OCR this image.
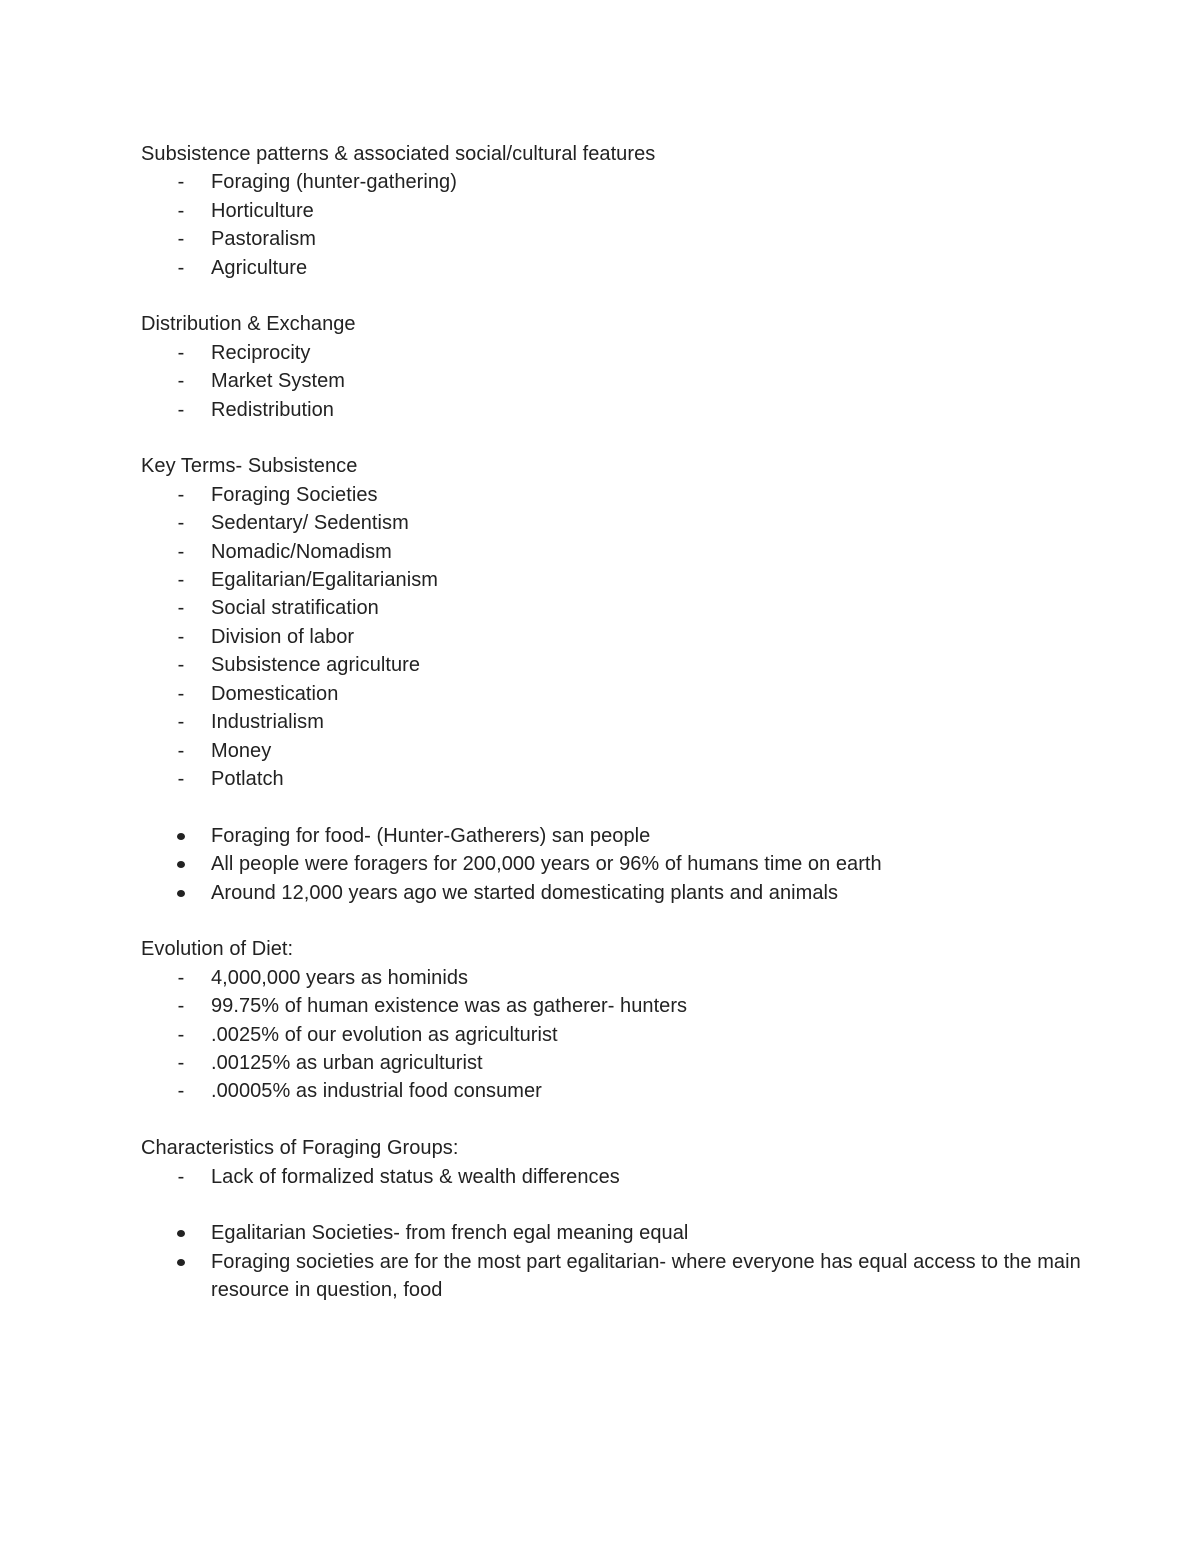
Subsistence patterns & associated social/cultural features

-
Foraging (hunter-gathering)
-
Horticulture
-
Pastoralism
-
Agriculture

Distribution & Exchange

-
Reciprocity
-
Market System
-
Redistribution

Key Terms- Subsistence

-
Foraging Societies
-
Sedentary/ Sedentism
-
Nomadic/Nomadism
-
Egalitarian/Egalitarianism
-
Social stratification
-
Division of labor
-
Subsistence agriculture
-
Domestication
-
Industrialism
-
Money
-
Potlatch
Foraging for food- (Hunter-Gatherers) san people
All people were foragers for 200,000 years or 96% of humans time on earth
Around 12,000 years ago we started domesticating plants and animals

Evolution of Diet:

-
4,000,000 years as hominids
-
99.75% of human existence was as gatherer- hunters
-
.0025% of our evolution as agriculturist
-
.00125% as urban agriculturist
-
.00005% as industrial food consumer

Characteristics of Foraging Groups:

-
Lack of formalized status & wealth differences
Egalitarian Societies- from french egal meaning equal
Foraging societies are for the most part egalitarian- where everyone has equal access to the main resource in question, food
